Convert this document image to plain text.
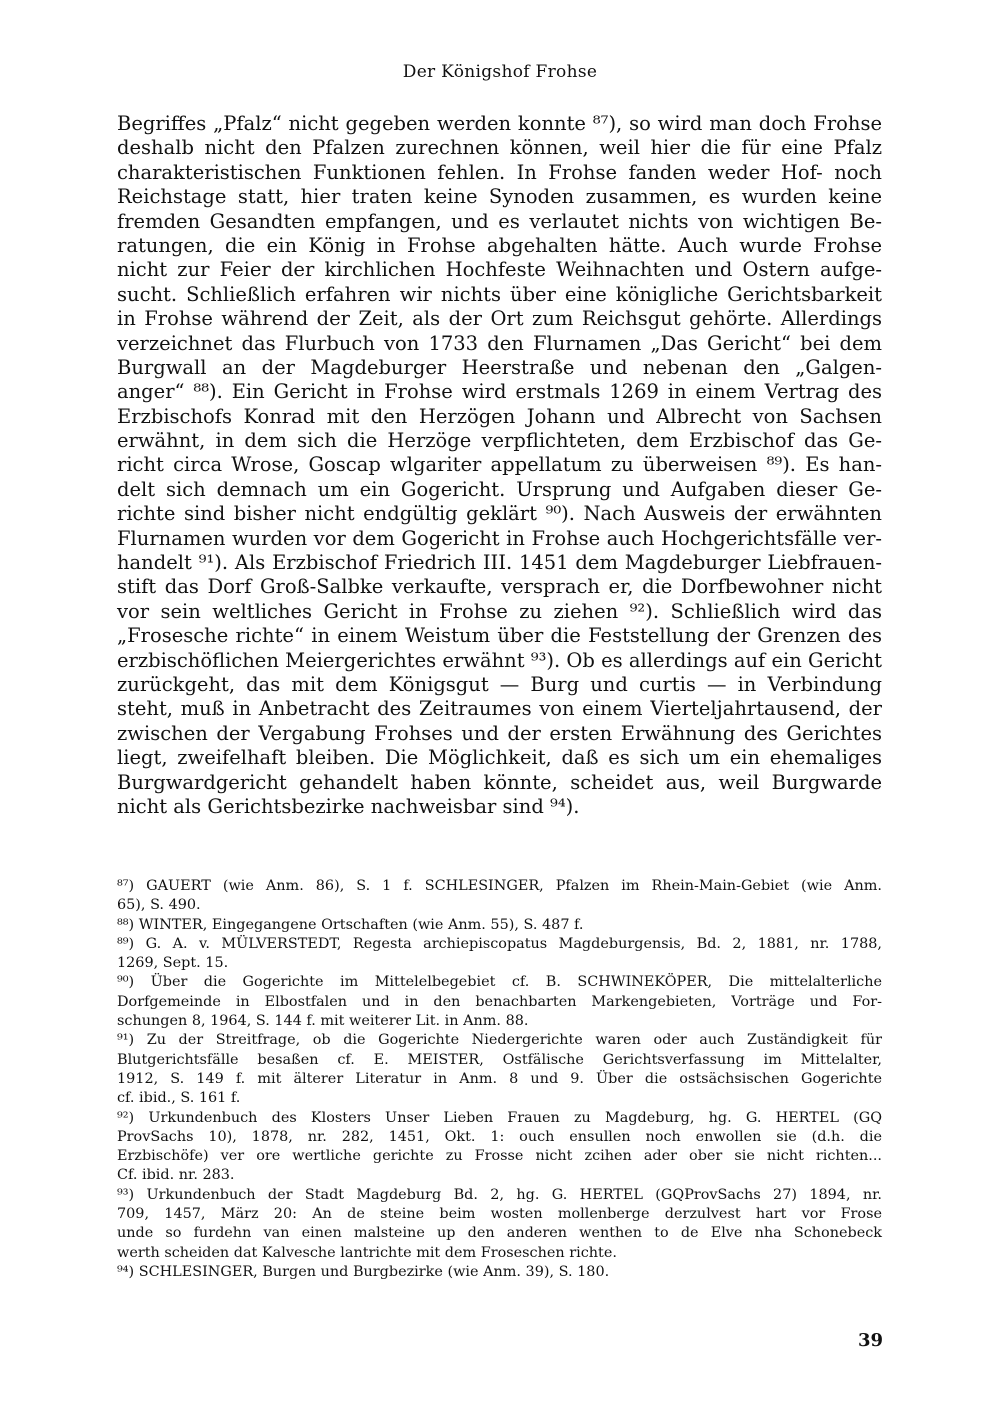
Der Königshof Frohse
Begriffes „Pfalz“ nicht gegeben werden konnte ⁸⁷), so wird man doch Frohse
deshalb nicht den Pfalzen zurechnen können, weil hier die für eine Pfalz
charakteristischen Funktionen fehlen. In Frohse fanden weder Hof- noch
Reichstage statt, hier traten keine Synoden zusammen, es wurden keine
fremden Gesandten empfangen, und es verlautet nichts von wichtigen Be-
ratungen, die ein König in Frohse abgehalten hätte. Auch wurde Frohse
nicht zur Feier der kirchlichen Hochfeste Weihnachten und Ostern aufge-
sucht. Schließlich erfahren wir nichts über eine königliche Gerichtsbarkeit
in Frohse während der Zeit, als der Ort zum Reichsgut gehörte. Allerdings
verzeichnet das Flurbuch von 1733 den Flurnamen „Das Gericht“ bei dem
Burgwall an der Magdeburger Heerstraße und nebenan den „Galgen-
anger“ ⁸⁸). Ein Gericht in Frohse wird erstmals 1269 in einem Vertrag des
Erzbischofs Konrad mit den Herzögen Johann und Albrecht von Sachsen
erwähnt, in dem sich die Herzöge verpflichteten, dem Erzbischof das Ge-
richt circa Wrose, Goscap wlgariter appellatum zu überweisen ⁸⁹). Es han-
delt sich demnach um ein Gogericht. Ursprung und Aufgaben dieser Ge-
richte sind bisher nicht endgültig geklärt ⁹⁰). Nach Ausweis der erwähnten
Flurnamen wurden vor dem Gogericht in Frohse auch Hochgerichtsfälle ver-
handelt ⁹¹). Als Erzbischof Friedrich III. 1451 dem Magdeburger Liebfrauen-
stift das Dorf Groß-Salbke verkaufte, versprach er, die Dorfbewohner nicht
vor sein weltliches Gericht in Frohse zu ziehen ⁹²). Schließlich wird das
„Frosesche richte“ in einem Weistum über die Feststellung der Grenzen des
erzbischöflichen Meiergerichtes erwähnt ⁹³). Ob es allerdings auf ein Gericht
zurückgeht, das mit dem Königsgut — Burg und curtis — in Verbindung
steht, muß in Anbetracht des Zeitraumes von einem Vierteljahrtausend, der
zwischen der Vergabung Frohses und der ersten Erwähnung des Gerichtes
liegt, zweifelhaft bleiben. Die Möglichkeit, daß es sich um ein ehemaliges
Burgwardgericht gehandelt haben könnte, scheidet aus, weil Burgwarde
nicht als Gerichtsbezirke nachweisbar sind ⁹⁴).
⁸⁷) GAUERT (wie Anm. 86), S. 1 f. SCHLESINGER, Pfalzen im Rhein-Main-Gebiet (wie Anm.
65), S. 490.
⁸⁸) WINTER, Eingegangene Ortschaften (wie Anm. 55), S. 487 f.
⁸⁹) G. A. v. MÜLVERSTEDT, Regesta archiepiscopatus Magdeburgensis, Bd. 2, 1881, nr. 1788,
1269, Sept. 15.
⁹⁰) Über die Gogerichte im Mittelelbegebiet cf. B. SCHWINEKÖPER, Die mittelalterliche
Dorfgemeinde in Elbostfalen und in den benachbarten Markengebieten, Vorträge und For-
schungen 8, 1964, S. 144 f. mit weiterer Lit. in Anm. 88.
⁹¹) Zu der Streitfrage, ob die Gogerichte Niedergerichte waren oder auch Zuständigkeit für
Blutgerichtsfälle besaßen cf. E. MEISTER, Ostfälische Gerichtsverfassung im Mittelalter,
1912, S. 149 f. mit älterer Literatur in Anm. 8 und 9. Über die ostsächsischen Gogerichte
cf. ibid., S. 161 f.
⁹²) Urkundenbuch des Klosters Unser Lieben Frauen zu Magdeburg, hg. G. HERTEL (GQ
ProvSachs 10), 1878, nr. 282, 1451, Okt. 1: ouch ensullen noch enwollen sie (d.h. die
Erzbischöfe) ver ore wertliche gerichte zu Frosse nicht zcihen ader ober sie nicht richten...
Cf. ibid. nr. 283.
⁹³) Urkundenbuch der Stadt Magdeburg Bd. 2, hg. G. HERTEL (GQProvSachs 27) 1894, nr.
709, 1457, März 20: An de steine beim wosten mollenberge derzulvest hart vor Frose
unde so furdehn van einen malsteine up den anderen wenthen to de Elve nha Schonebeck
werth scheiden dat Kalvesche lantrichte mit dem Froseschen richte.
⁹⁴) SCHLESINGER, Burgen und Burgbezirke (wie Anm. 39), S. 180.
39
